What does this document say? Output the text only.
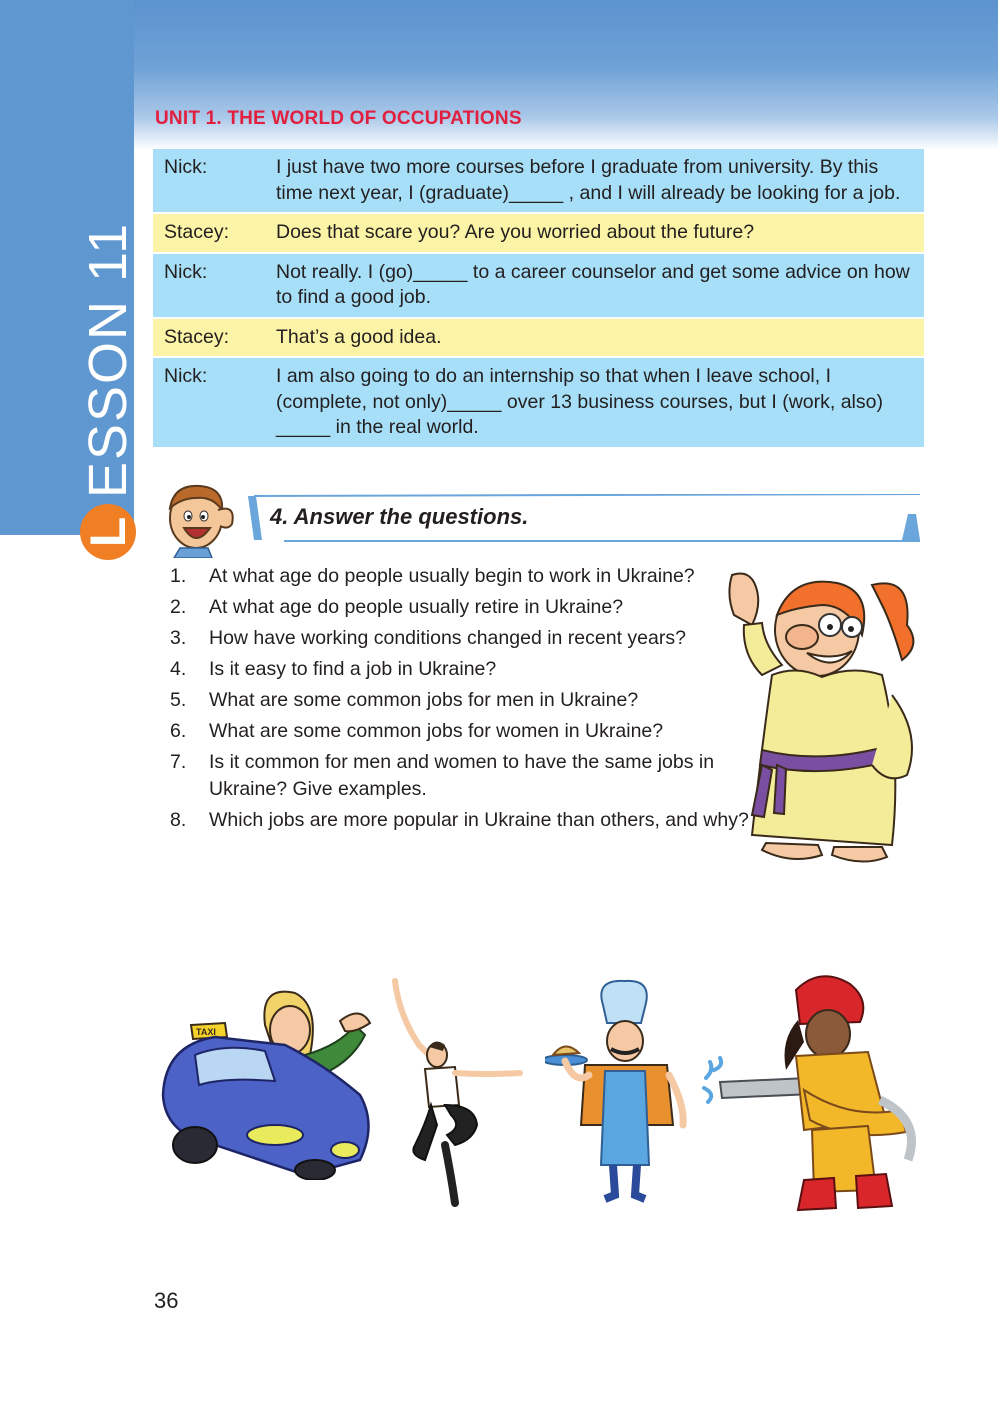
L
ESSON 11
UNIT 1. THE WORLD OF OCCUPATIONS
Nick:	I just have two more courses before I graduate from university. By this time next year, I (graduate)_____ , and I will already be looking for a job.
Stacey:	Does that scare you? Are you worried about the future?
Nick:	Not really. I (go)_____ to a career counselor and get some advice on how to find a good job.
Stacey:	That’s a good idea.
Nick:	I am also going to do an internship so that when I leave school, I (complete, not only)_____ over 13 business courses, but I (work, also) _____ in the real world.
4. Answer the questions.
1.	At what age do people usually begin to work in Ukraine?
2.	At what age do people usually retire in Ukraine?
3.	How have working conditions changed in recent years?
4.	Is it easy to find a job in Ukraine?
5.	What are some common jobs for men in Ukraine?
6.	What are some common jobs for women in Ukraine?
7.	Is it common for men and women to have the same jobs in Ukraine? Give examples.
8.	Which jobs are more popular in Ukraine than others, and why?
TAXI
36
